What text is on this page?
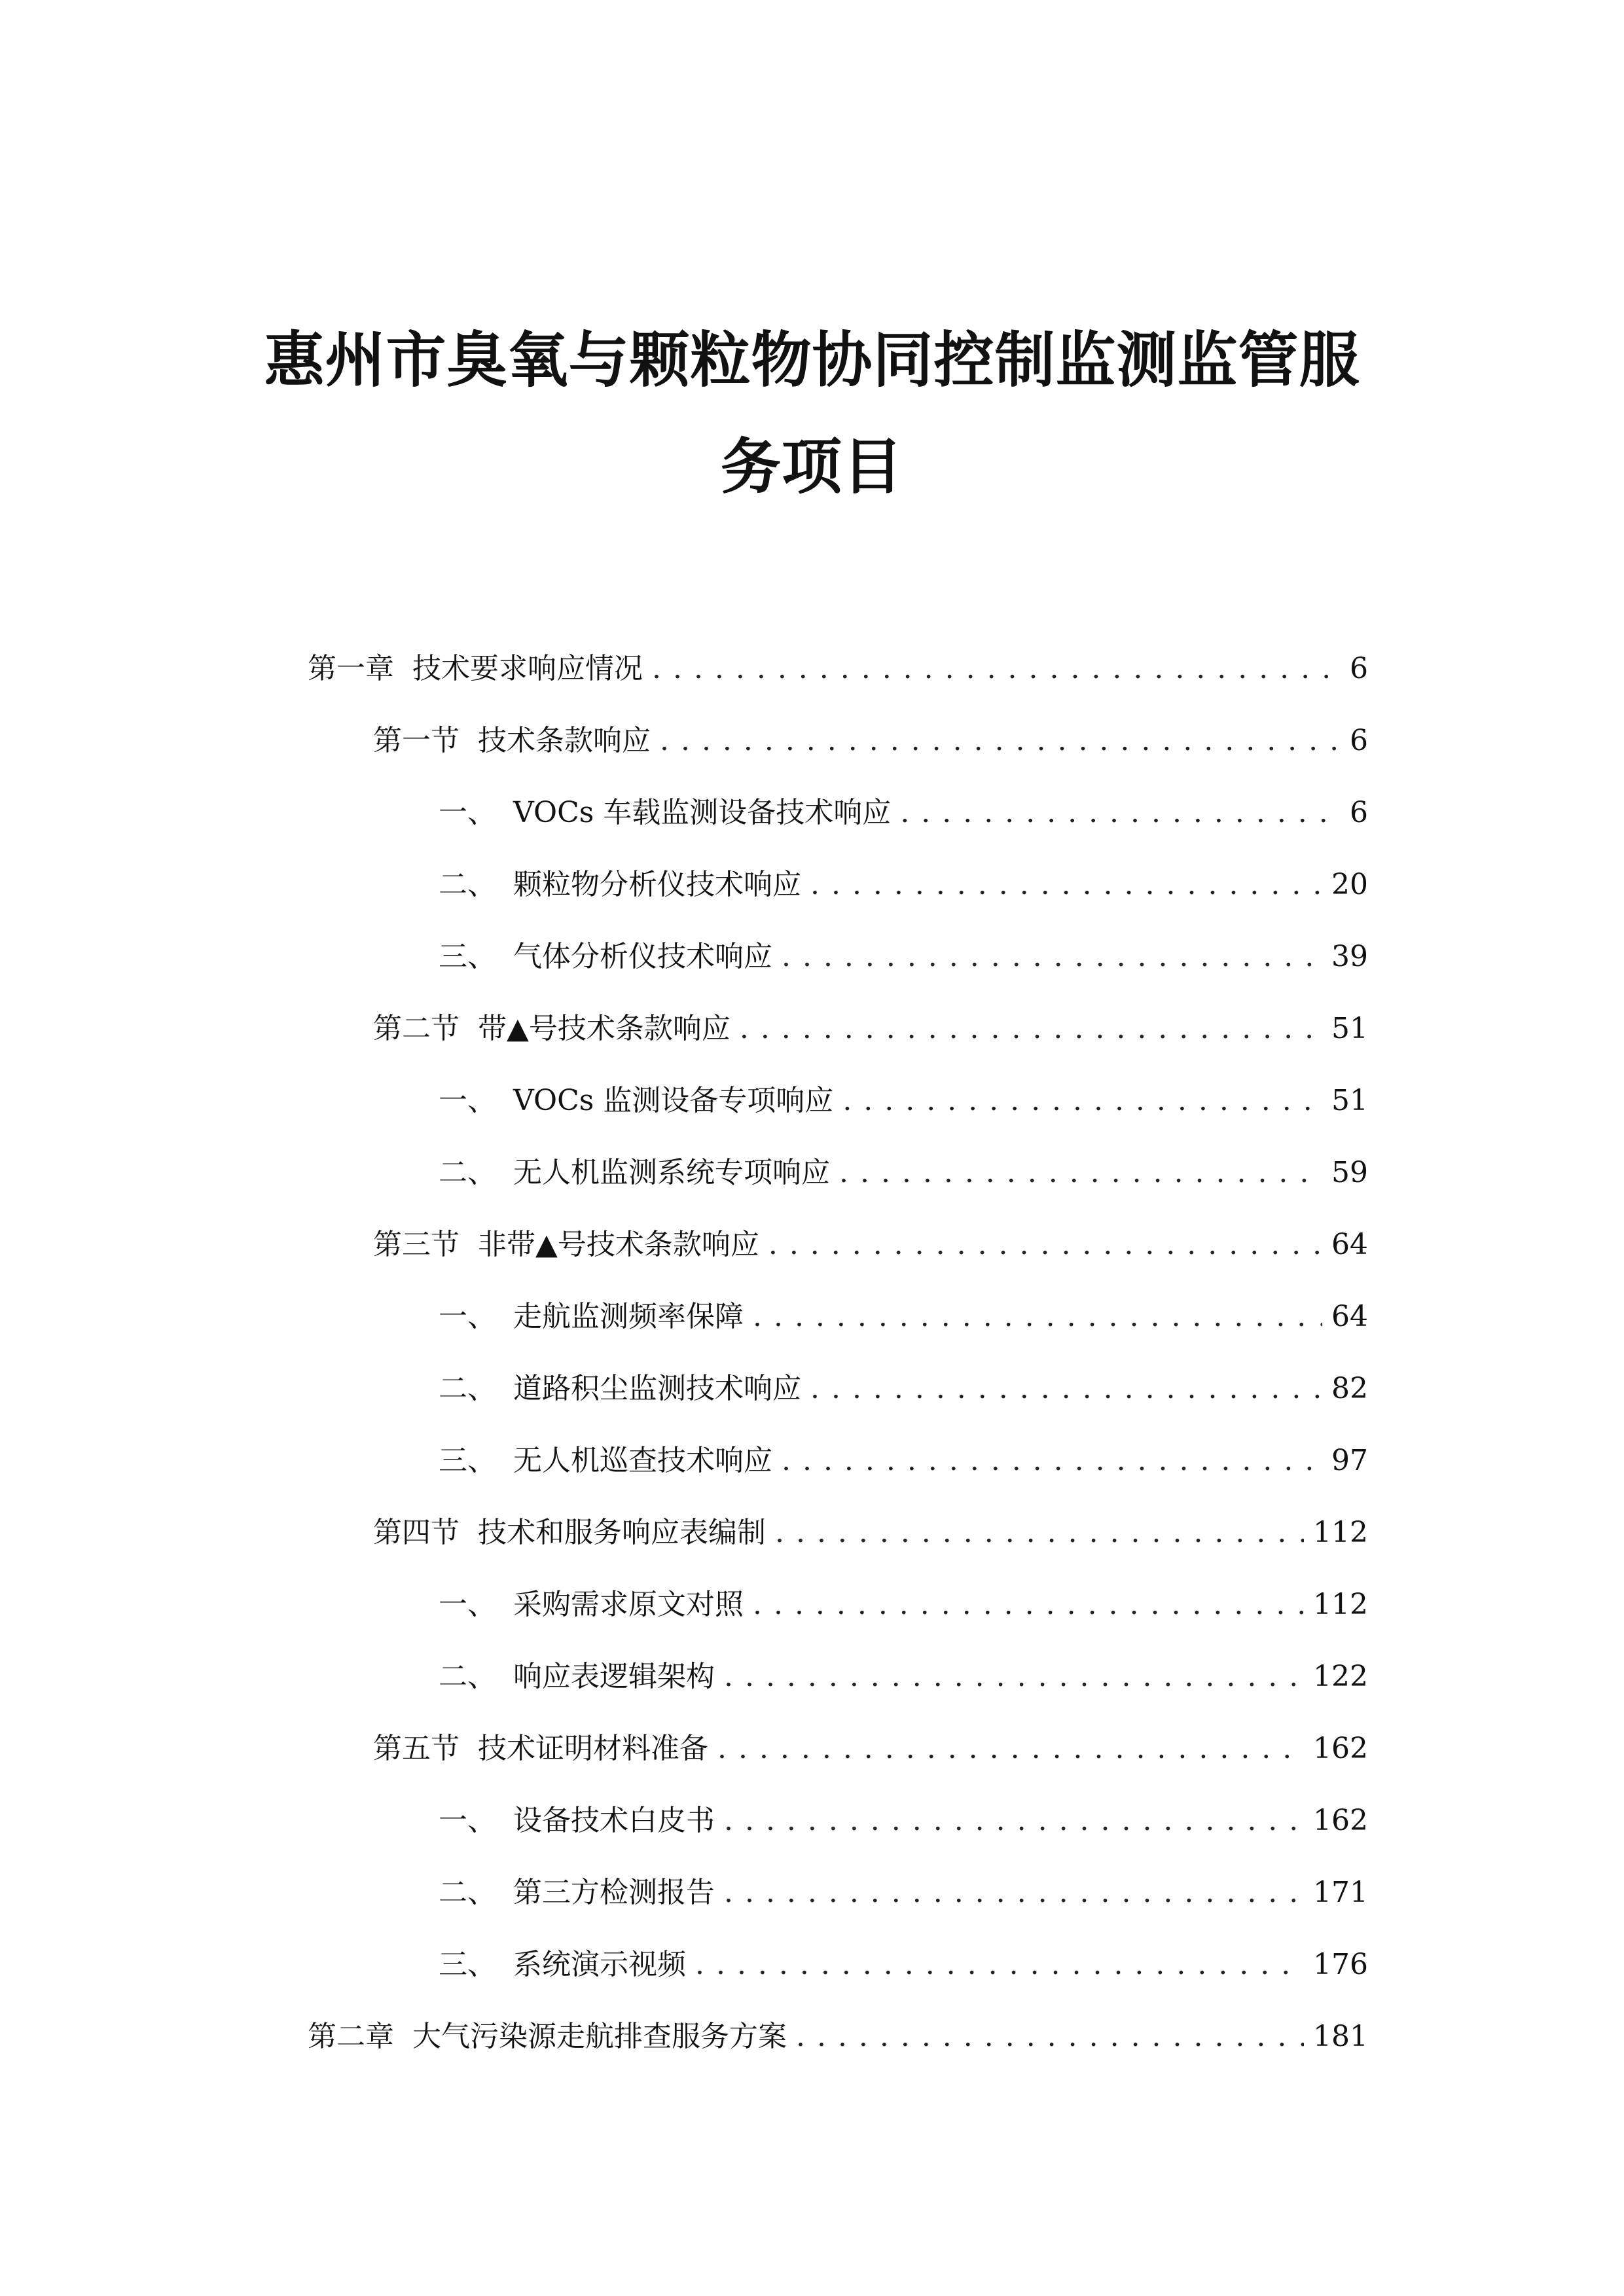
惠州市臭氧与颗粒物协同控制监测监管服
务项目
第一章 技术要求响应情况 . . .	6
第一节 技术条款响应 . . .	6
一、 VOCs 车载监测设备技术响应 . . .	6
二、 颗粒物分析仪技术响应 . . .	20
三、 气体分析仪技术响应 . . .	39
第二节 带▲号技术条款响应 . . .	51
一、 VOCs 监测设备专项响应 . . .	51
二、 无人机监测系统专项响应 . . .	59
第三节 非带▲号技术条款响应 . . .	64
一、 走航监测频率保障 . . .	64
二、 道路积尘监测技术响应 . . .	82
三、 无人机巡查技术响应 . . .	97
第四节 技术和服务响应表编制 . . .	112
一、 采购需求原文对照 . . .	112
二、 响应表逻辑架构 . . .	122
第五节 技术证明材料准备 . . .	162
一、 设备技术白皮书 . . .	162
二、 第三方检测报告 . . .	171
三、 系统演示视频 . . .	176
第二章 大气污染源走航排查服务方案 . . .	181
